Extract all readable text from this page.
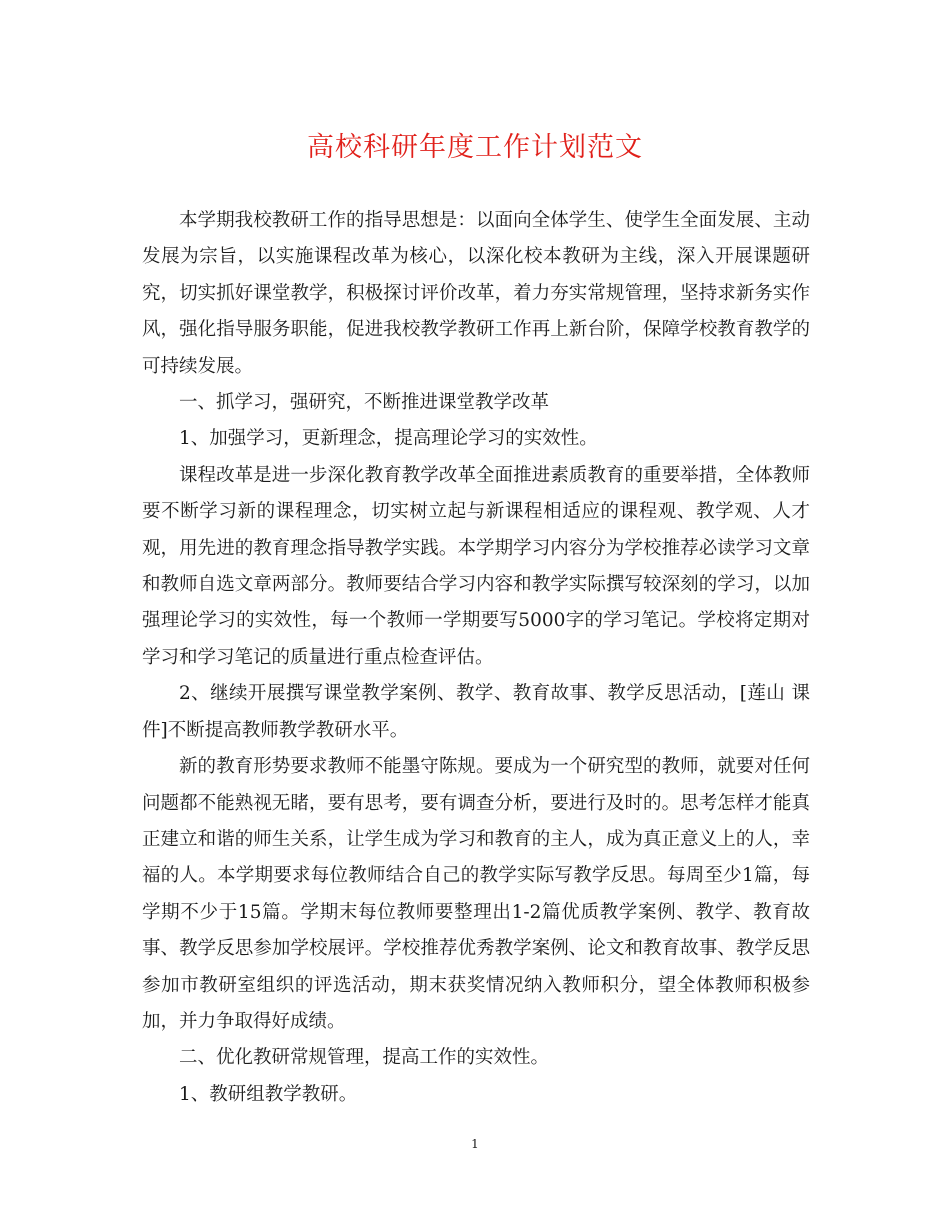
高校科研年度工作计划范文

本学期我校教研工作的指导思想是：以面向全体学生、使学生全面发展、主动发展为宗旨，以实施课程改革为核心，以深化校本教研为主线，深入开展课题研究，切实抓好课堂教学，积极探讨评价改革，着力夯实常规管理，坚持求新务实作风，强化指导服务职能，促进我校教学教研工作再上新台阶，保障学校教育教学的可持续发展。

一、抓学习，强研究，不断推进课堂教学改革

1、加强学习，更新理念，提高理论学习的实效性。

课程改革是进一步深化教育教学改革全面推进素质教育的重要举措，全体教师要不断学习新的课程理念，切实树立起与新课程相适应的课程观、教学观、人才观，用先进的教育理念指导教学实践。本学期学习内容分为学校推荐必读学习文章和教师自选文章两部分。教师要结合学习内容和教学实际撰写较深刻的学习，以加强理论学习的实效性，每一个教师一学期要写5000字的学习笔记。学校将定期对学习和学习笔记的质量进行重点检查评估。

2、继续开展撰写课堂教学案例、教学、教育故事、教学反思活动，[莲山 课件]不断提高教师教学教研水平。

新的教育形势要求教师不能墨守陈规。要成为一个研究型的教师，就要对任何问题都不能熟视无睹，要有思考，要有调查分析，要进行及时的。思考怎样才能真正建立和谐的师生关系，让学生成为学习和教育的主人，成为真正意义上的人，幸福的人。本学期要求每位教师结合自己的教学实际写教学反思。每周至少1篇，每学期不少于15篇。学期末每位教师要整理出1-2篇优质教学案例、教学、教育故事、教学反思参加学校展评。学校推荐优秀教学案例、论文和教育故事、教学反思参加市教研室组织的评选活动，期末获奖情况纳入教师积分，望全体教师积极参加，并力争取得好成绩。

二、优化教研常规管理，提高工作的实效性。

1、教研组教学教研。

1
